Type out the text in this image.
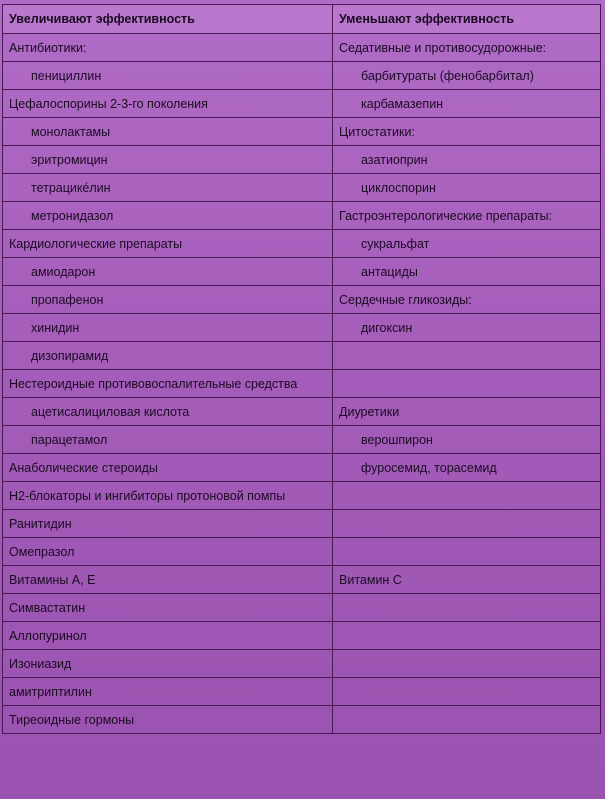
Увеличивают эффективность	Уменьшают эффективность
Антибиотики:	Седативные и противосудорожные:
пенициллин	барбитураты (фенобарбитал)
Цефалоспорины 2-3-го поколения	карбамазепин
монолактамы	Цитостатики:
эритромицин	азатиоприн
тетрацикéлин	циклоспорин
метронидазол	Гастроэнтерологические препараты:
Кардиологические препараты	сукральфат
амиодарон	антациды
пропафенон	Сердечные гликозиды:
хинидин	дигоксин
дизопирамид	
Нестероидные противовоспалительные средства	
ацетисалициловая кислота	Диуретики
парацетамол	верошпирон
Анаболические стероиды	фуросемид, торасемид
Н2-блокаторы и ингибиторы протоновой помпы	
Ранитидин	
Омепразол	
Витамины А, Е	Витамин С
Симвастатин	
Аллопуринол	
Изониазид	
амитриптилин	
Тиреоидные гормоны	
